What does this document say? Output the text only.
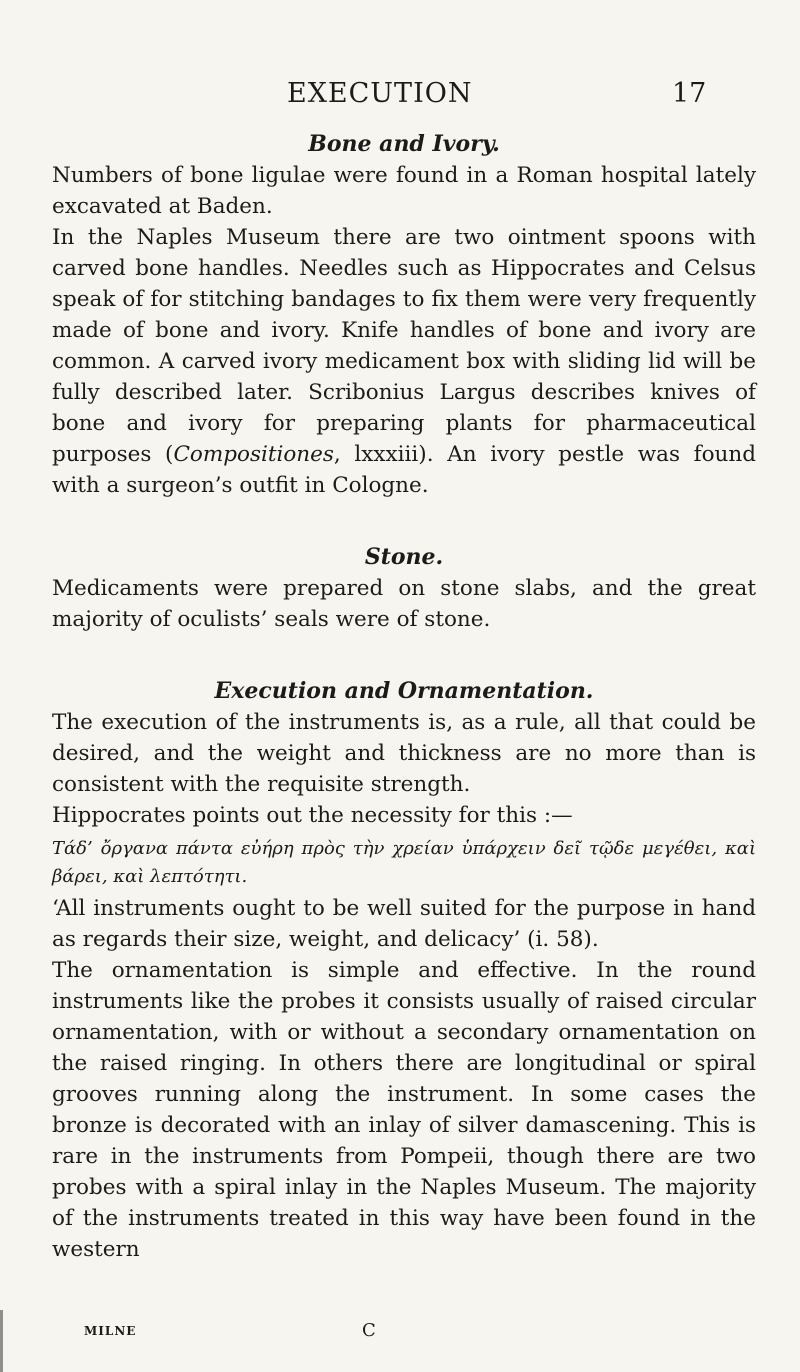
EXECUTION	17
Bone and Ivory.

Numbers of bone ligulae were found in a Roman hospital lately excavated at Baden.

In the Naples Museum there are two ointment spoons with carved bone handles. Needles such as Hippocrates and Celsus speak of for stitching bandages to fix them were very frequently made of bone and ivory. Knife handles of bone and ivory are common. A carved ivory medicament box with sliding lid will be fully described later. Scribonius Largus describes knives of bone and ivory for preparing plants for pharmaceutical purposes (Compositiones, lxxxiii). An ivory pestle was found with a surgeon’s outfit in Cologne.

Stone.

Medicaments were prepared on stone slabs, and the great majority of oculists’ seals were of stone.

Execution and Ornamentation.

The execution of the instruments is, as a rule, all that could be desired, and the weight and thickness are no more than is consistent with the requisite strength.

Hippocrates points out the necessity for this :—

Τάδ’ ὄργανα πάντα εὐήρη πρὸς τὴν χρείαν ὑπάρχειν δεῖ τῷδε μεγέθει, καὶ βάρει, καὶ λεπτότητι.

‘All instruments ought to be well suited for the purpose in hand as regards their size, weight, and delicacy’ (i. 58).

The ornamentation is simple and effective. In the round instruments like the probes it consists usually of raised circular ornamentation, with or without a secondary ornamentation on the raised ringing. In others there are longitudinal or spiral grooves running along the instrument. In some cases the bronze is decorated with an inlay of silver damascening. This is rare in the instruments from Pompeii, though there are two probes with a spiral inlay in the Naples Museum. The majority of the instruments treated in this way have been found in the western

MILNE	C
